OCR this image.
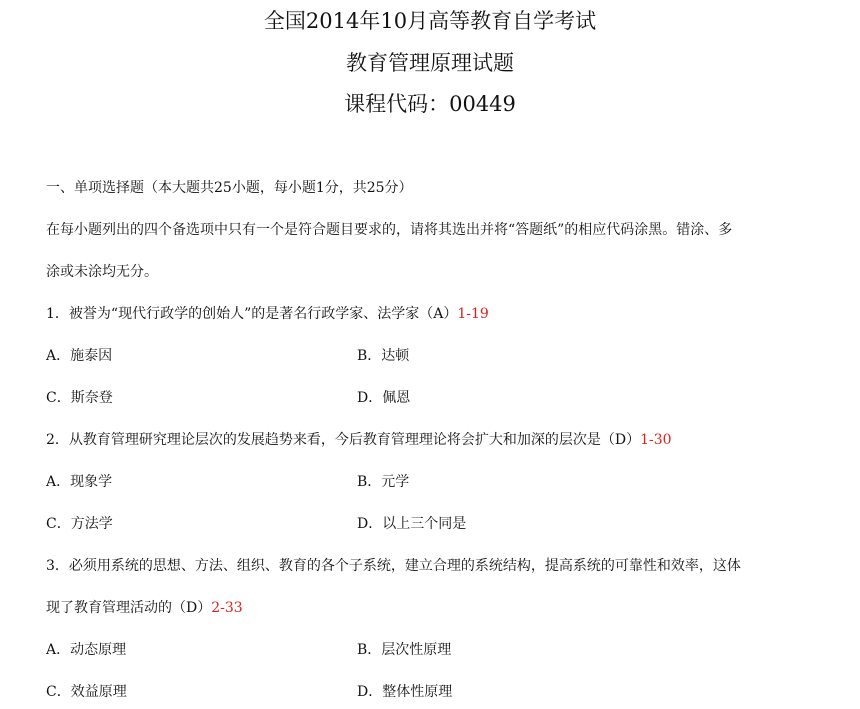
全国2014年10月高等教育自学考试
教育管理原理试题
课程代码：00449
一、单项选择题（本大题共25小题，每小题1分，共25分）
在每小题列出的四个备选项中只有一个是符合题目要求的，请将其选出并将“答题纸”的相应代码涂黑。错涂、多
涂或未涂均无分。
1．被誉为“现代行政学的创始人”的是著名行政学家、法学家（A）1-19
A．施泰因	B．达顿
C．斯奈登	D．佩恩
2．从教育管理研究理论层次的发展趋势来看，今后教育管理理论将会扩大和加深的层次是（D）1-30
A．现象学	B．元学
C．方法学	D．以上三个同是
3．必须用系统的思想、方法、组织、教育的各个子系统，建立合理的系统结构，提高系统的可靠性和效率，这体
现了教育管理活动的（D）2-33
A．动态原理	B．层次性原理
C．效益原理	D．整体性原理
